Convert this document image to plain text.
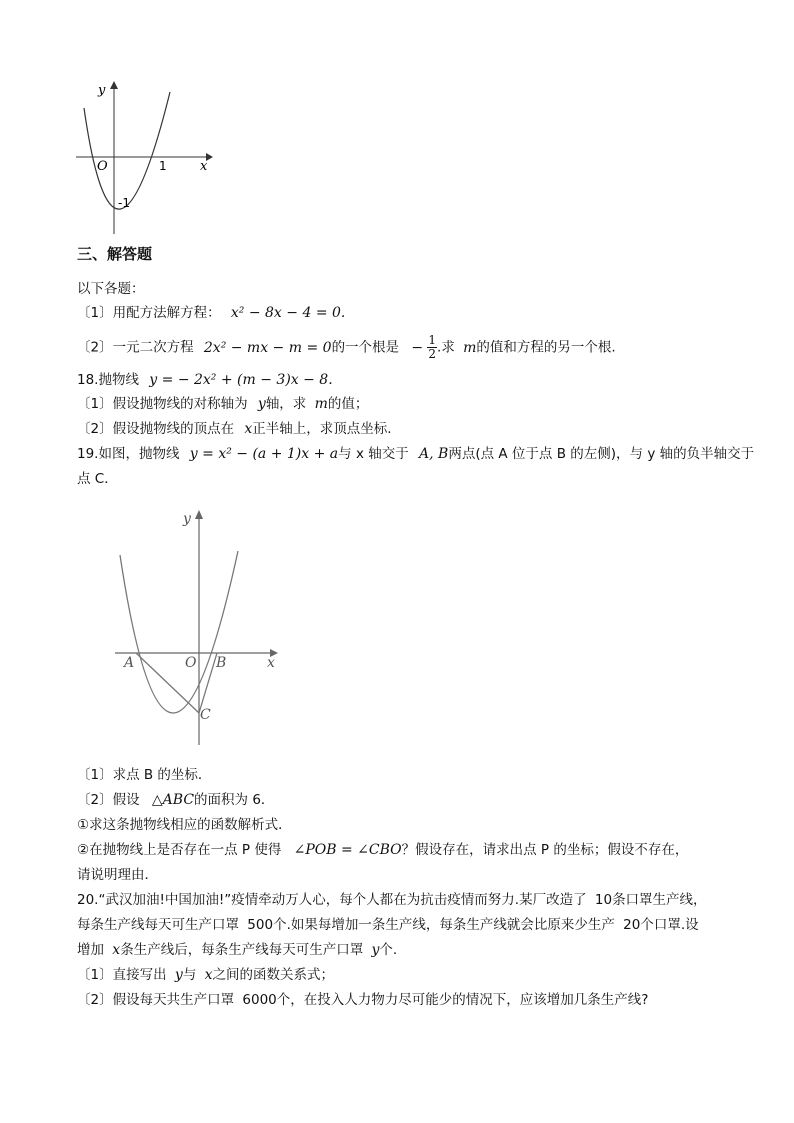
y
x
O	1
-1
三、解答题
以下各题：
〔1〕用配方法解方程： x² − 8x − 4 = 0.
〔2〕一元二次方程 2x² − mx − m = 0的一个根是 − $\frac{1}{2}$ .求 m的值和方程的另一个根.
18.抛物线 y = − 2x² + (m − 3)x − 8.
〔1〕假设抛物线的对称轴为 y轴，求 m的值；
〔2〕假设抛物线的顶点在 x正半轴上，求顶点坐标.
19.如图，抛物线 y = x² − (a + 1)x + a与 x 轴交于 A, B两点(点 A 位于点 B 的左侧)，与 y 轴的负半轴交于
点 C．
y
x
A	O B
C
〔1〕求点 B 的坐标．
〔2〕假设 △ABC的面积为 6．
①求这条抛物线相应的函数解析式．
②在抛物线上是否存在一点 P 使得 ∠POB = ∠CBO？假设存在，请求出点 P 的坐标；假设不存在，
请说明理由．
20.“武汉加油!中国加油!”疫情牵动万人心，每个人都在为抗击疫情而努力.某厂改造了 10条口罩生产线，
每条生产线每天可生产口罩 500个.如果每增加一条生产线，每条生产线就会比原来少生产 20个口罩.设
增加 x条生产线后，每条生产线每天可生产口罩 y个.
〔1〕直接写出 y与 x之间的函数关系式；
〔2〕假设每天共生产口罩 6000个，在投入人力物力尽可能少的情况下，应该增加几条生产线?
